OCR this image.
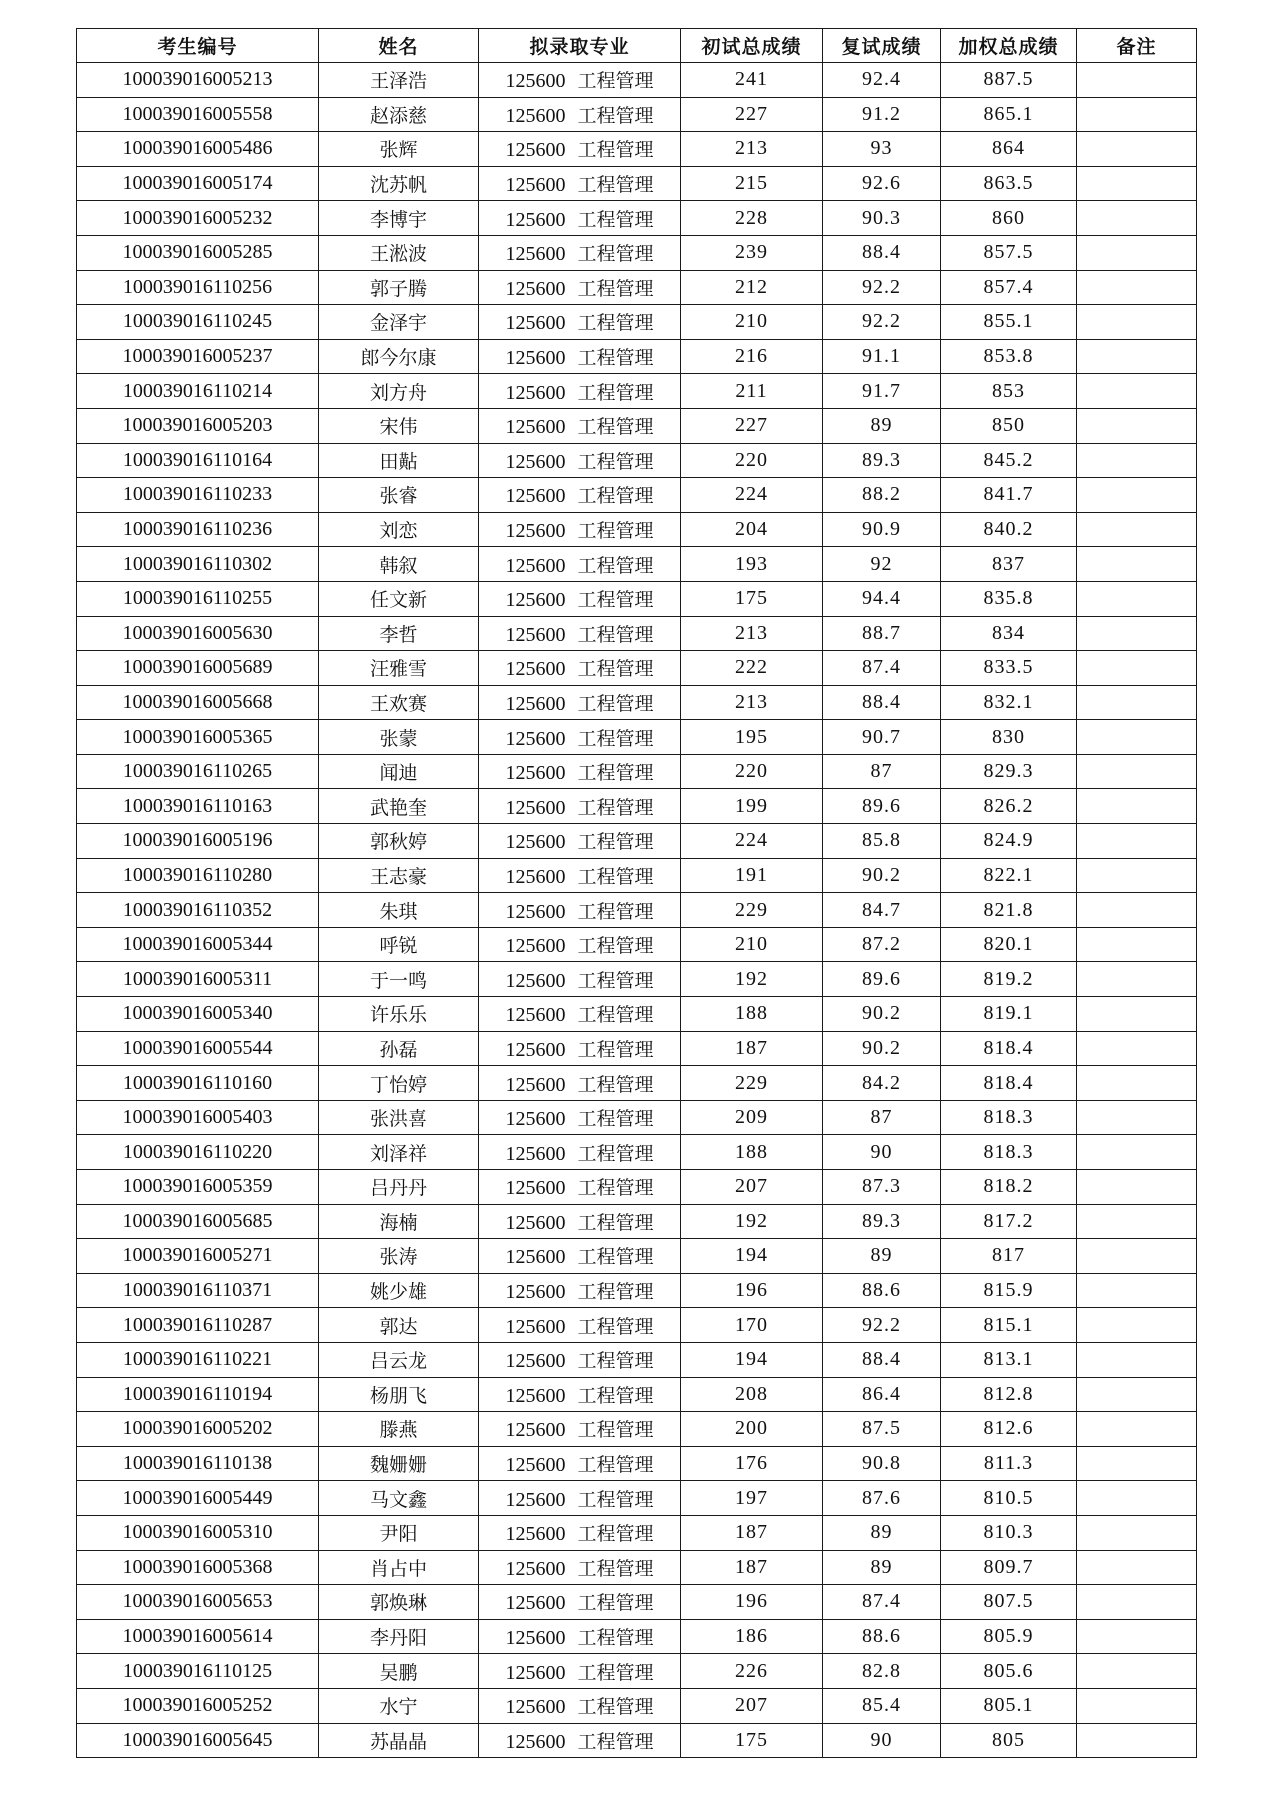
考生编号	姓名	拟录取专业	初试总成绩	复试成绩	加权总成绩	备注
100039016005213	王泽浩	125600 工程管理	241	92.4	887.5	
100039016005558	赵添慈	125600 工程管理	227	91.2	865.1	
100039016005486	张辉	125600 工程管理	213	93	864	
100039016005174	沈苏帆	125600 工程管理	215	92.6	863.5	
100039016005232	李博宇	125600 工程管理	228	90.3	860	
100039016005285	王淞波	125600 工程管理	239	88.4	857.5	
100039016110256	郭子腾	125600 工程管理	212	92.2	857.4	
100039016110245	金泽宇	125600 工程管理	210	92.2	855.1	
100039016005237	郎今尔康	125600 工程管理	216	91.1	853.8	
100039016110214	刘方舟	125600 工程管理	211	91.7	853	
100039016005203	宋伟	125600 工程管理	227	89	850	
100039016110164	田黇	125600 工程管理	220	89.3	845.2	
100039016110233	张睿	125600 工程管理	224	88.2	841.7	
100039016110236	刘恋	125600 工程管理	204	90.9	840.2	
100039016110302	韩叙	125600 工程管理	193	92	837	
100039016110255	任文新	125600 工程管理	175	94.4	835.8	
100039016005630	李哲	125600 工程管理	213	88.7	834	
100039016005689	汪雅雪	125600 工程管理	222	87.4	833.5	
100039016005668	王欢赛	125600 工程管理	213	88.4	832.1	
100039016005365	张蒙	125600 工程管理	195	90.7	830	
100039016110265	闻迪	125600 工程管理	220	87	829.3	
100039016110163	武艳奎	125600 工程管理	199	89.6	826.2	
100039016005196	郭秋婷	125600 工程管理	224	85.8	824.9	
100039016110280	王志豪	125600 工程管理	191	90.2	822.1	
100039016110352	朱琪	125600 工程管理	229	84.7	821.8	
100039016005344	呼锐	125600 工程管理	210	87.2	820.1	
100039016005311	于一鸣	125600 工程管理	192	89.6	819.2	
100039016005340	许乐乐	125600 工程管理	188	90.2	819.1	
100039016005544	孙磊	125600 工程管理	187	90.2	818.4	
100039016110160	丁怡婷	125600 工程管理	229	84.2	818.4	
100039016005403	张洪喜	125600 工程管理	209	87	818.3	
100039016110220	刘泽祥	125600 工程管理	188	90	818.3	
100039016005359	吕丹丹	125600 工程管理	207	87.3	818.2	
100039016005685	海楠	125600 工程管理	192	89.3	817.2	
100039016005271	张涛	125600 工程管理	194	89	817	
100039016110371	姚少雄	125600 工程管理	196	88.6	815.9	
100039016110287	郭达	125600 工程管理	170	92.2	815.1	
100039016110221	吕云龙	125600 工程管理	194	88.4	813.1	
100039016110194	杨朋飞	125600 工程管理	208	86.4	812.8	
100039016005202	滕燕	125600 工程管理	200	87.5	812.6	
100039016110138	魏姗姗	125600 工程管理	176	90.8	811.3	
100039016005449	马文鑫	125600 工程管理	197	87.6	810.5	
100039016005310	尹阳	125600 工程管理	187	89	810.3	
100039016005368	肖占中	125600 工程管理	187	89	809.7	
100039016005653	郭焕琳	125600 工程管理	196	87.4	807.5	
100039016005614	李丹阳	125600 工程管理	186	88.6	805.9	
100039016110125	吴鹏	125600 工程管理	226	82.8	805.6	
100039016005252	水宁	125600 工程管理	207	85.4	805.1	
100039016005645	苏晶晶	125600 工程管理	175	90	805	
